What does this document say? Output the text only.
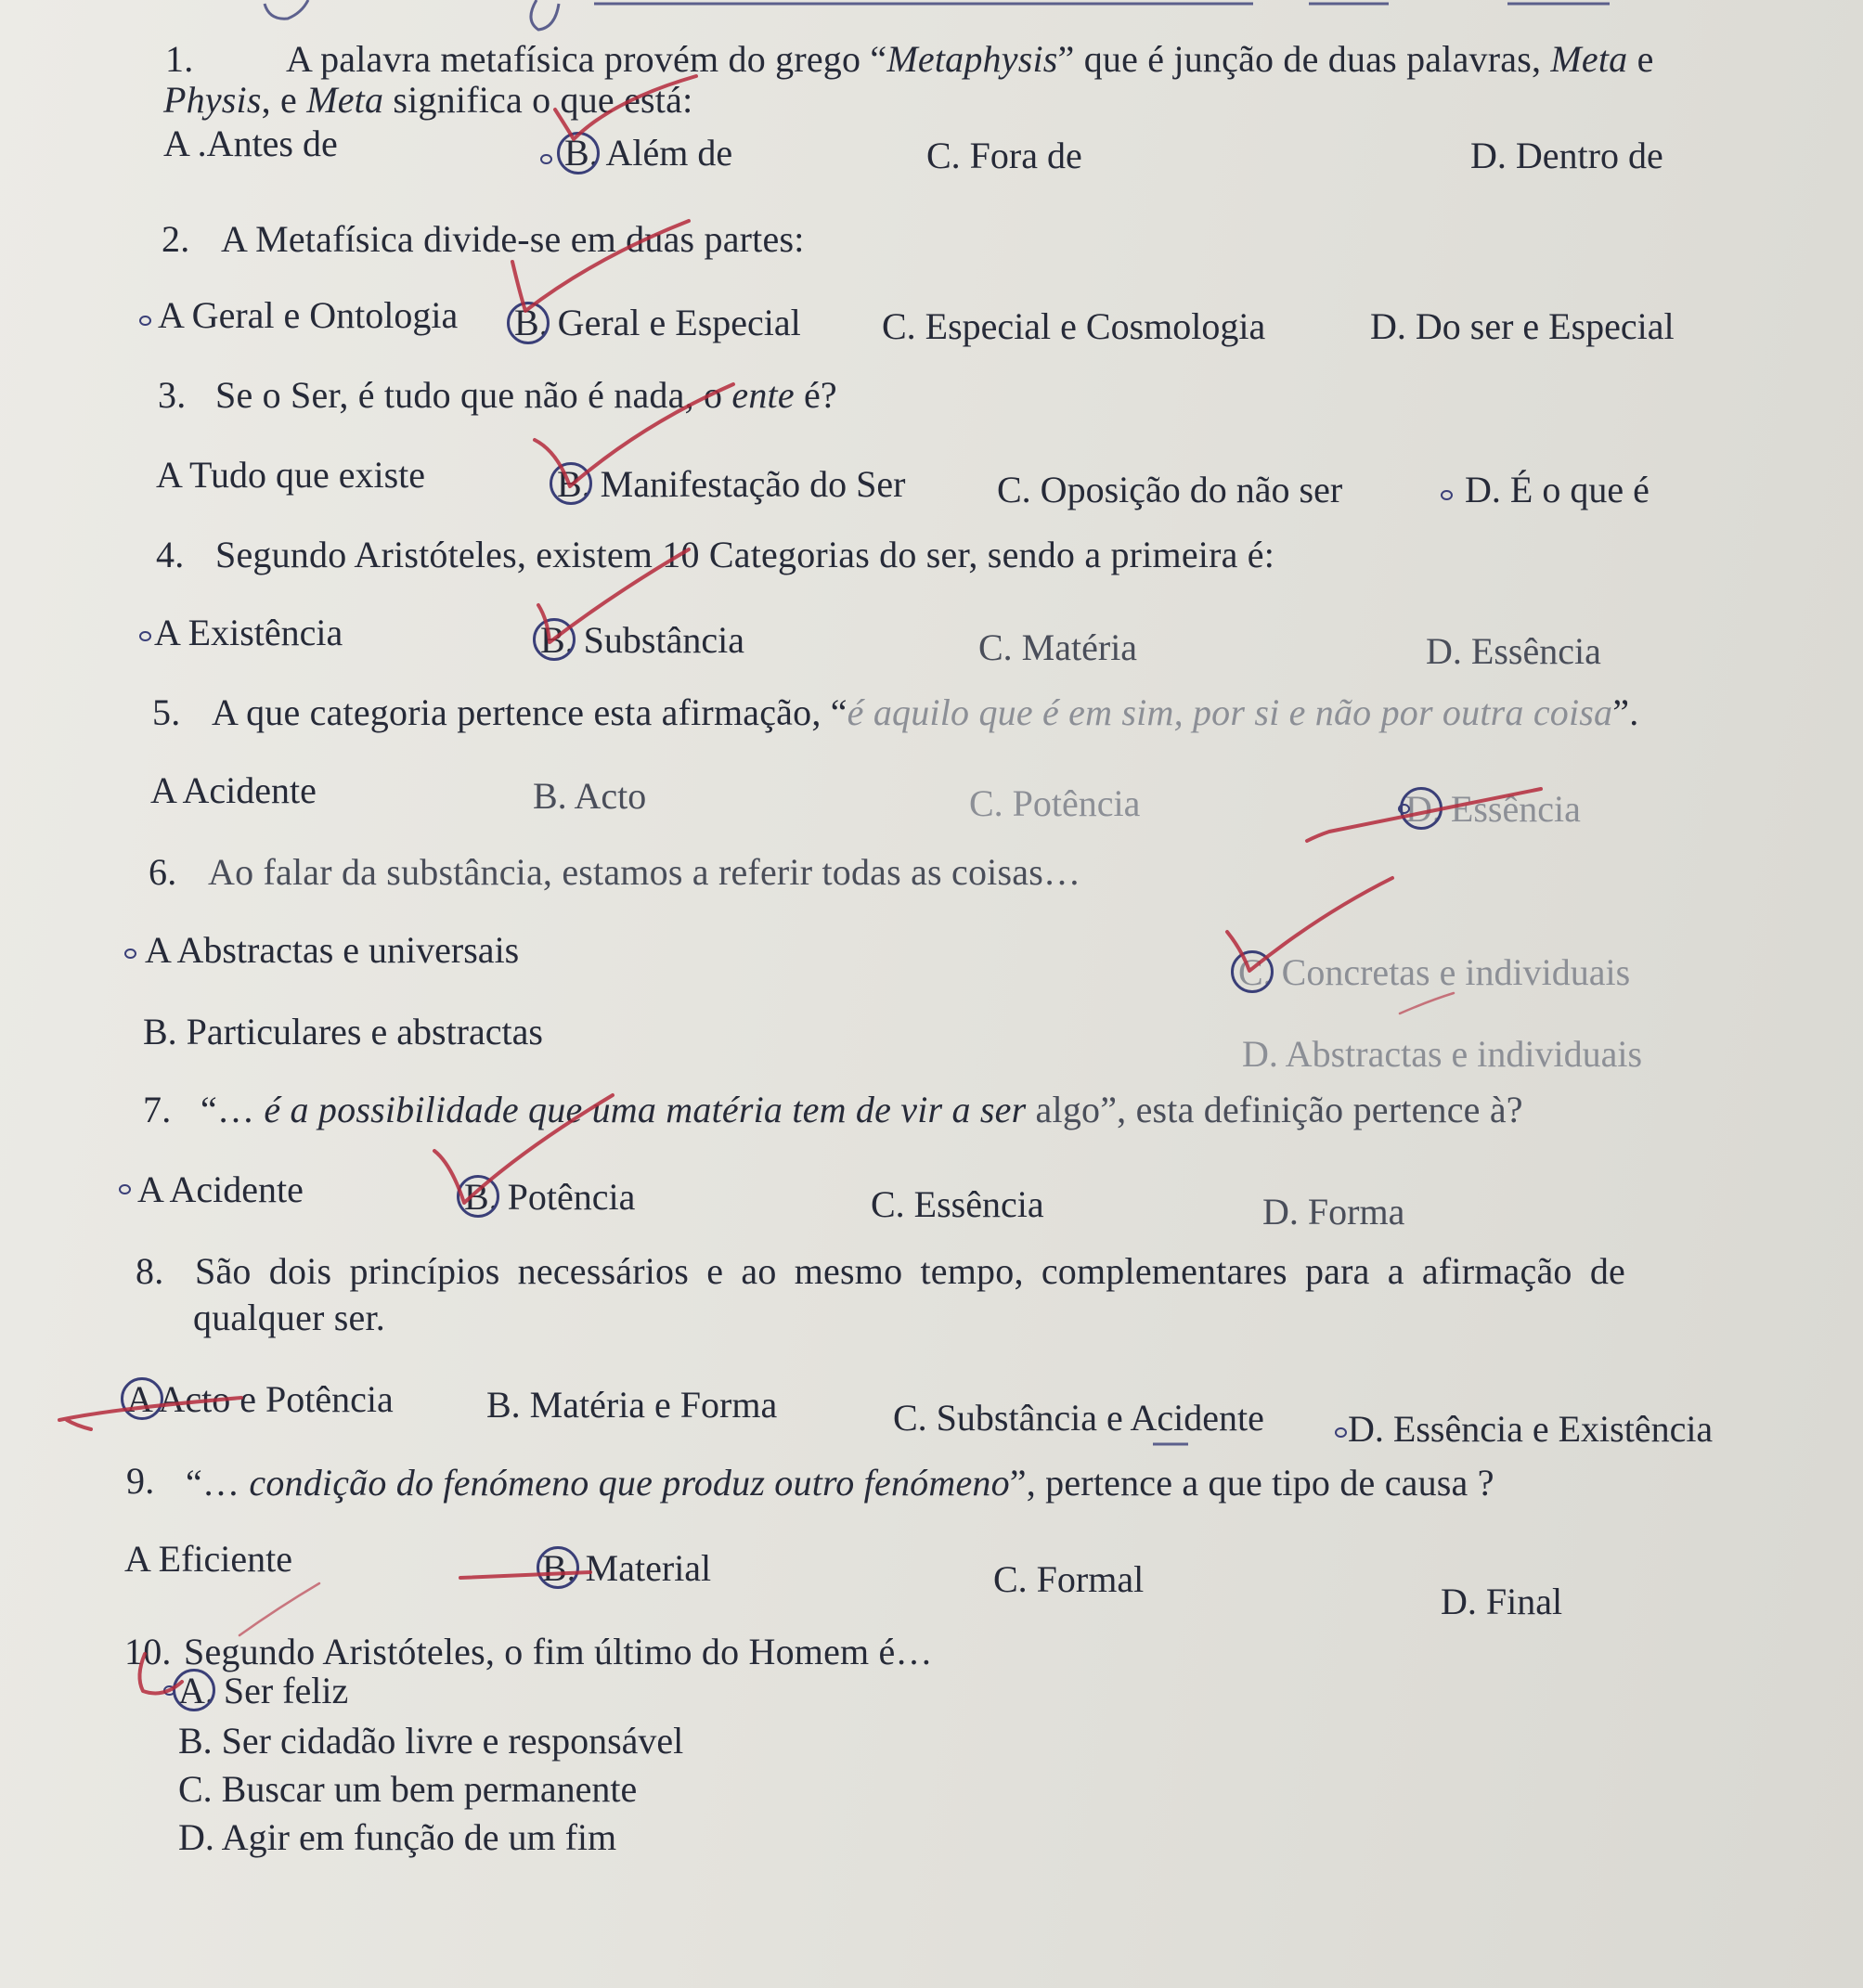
1. A palavra metafísica provém do grego “Metaphysis” que é junção de duas palavras, Meta e
Physis, e Meta significa o que está:
A .Antes de	B. Além de	C. Fora de	D. Dentro de
2. A Metafísica divide-se em duas partes:
A Geral e Ontologia B. Geral e Especial C. Especial e Cosmologia	D. Do ser e Especial
3. Se o Ser, é tudo que não é nada, o ente é?
A Tudo que existe	B. Manifestação do Ser C. Oposição do não ser	D. É o que é
4. Segundo Aristóteles, existem 10 Categorias do ser, sendo a primeira é:
A Existência	B. Substância	C. Matéria	D. Essência
5. A que categoria pertence esta afirmação, “é aquilo que é em sim, por si e não por outra coisa”.
A Acidente	B. Acto	C. Potência	D. Essência
6. Ao falar da substância, estamos a referir todas as coisas…
A Abstractas e universais
C. Concretas e individuais
B. Particulares e abstractas
D. Abstractas e individuais
7. “… é a possibilidade que uma matéria tem de vir a ser algo”, esta definição pertence à?
A Acidente	B. Potência	C. Essência	D. Forma
8. São dois princípios necessários e ao mesmo tempo, complementares para a afirmação de
qualquer ser.
A Acto e Potência	B. Matéria e Forma	C. Substância e Acidente D. Essência e Existência
9. “… condição do fenómeno que produz outro fenómeno”, pertence a que tipo de causa ?
A Eficiente	B. Material	C. Formal
D. Final
10. Segundo Aristóteles, o fim último do Homem é…
A. Ser feliz
B. Ser cidadão livre e responsável
C. Buscar um bem permanente
D. Agir em função de um fim
